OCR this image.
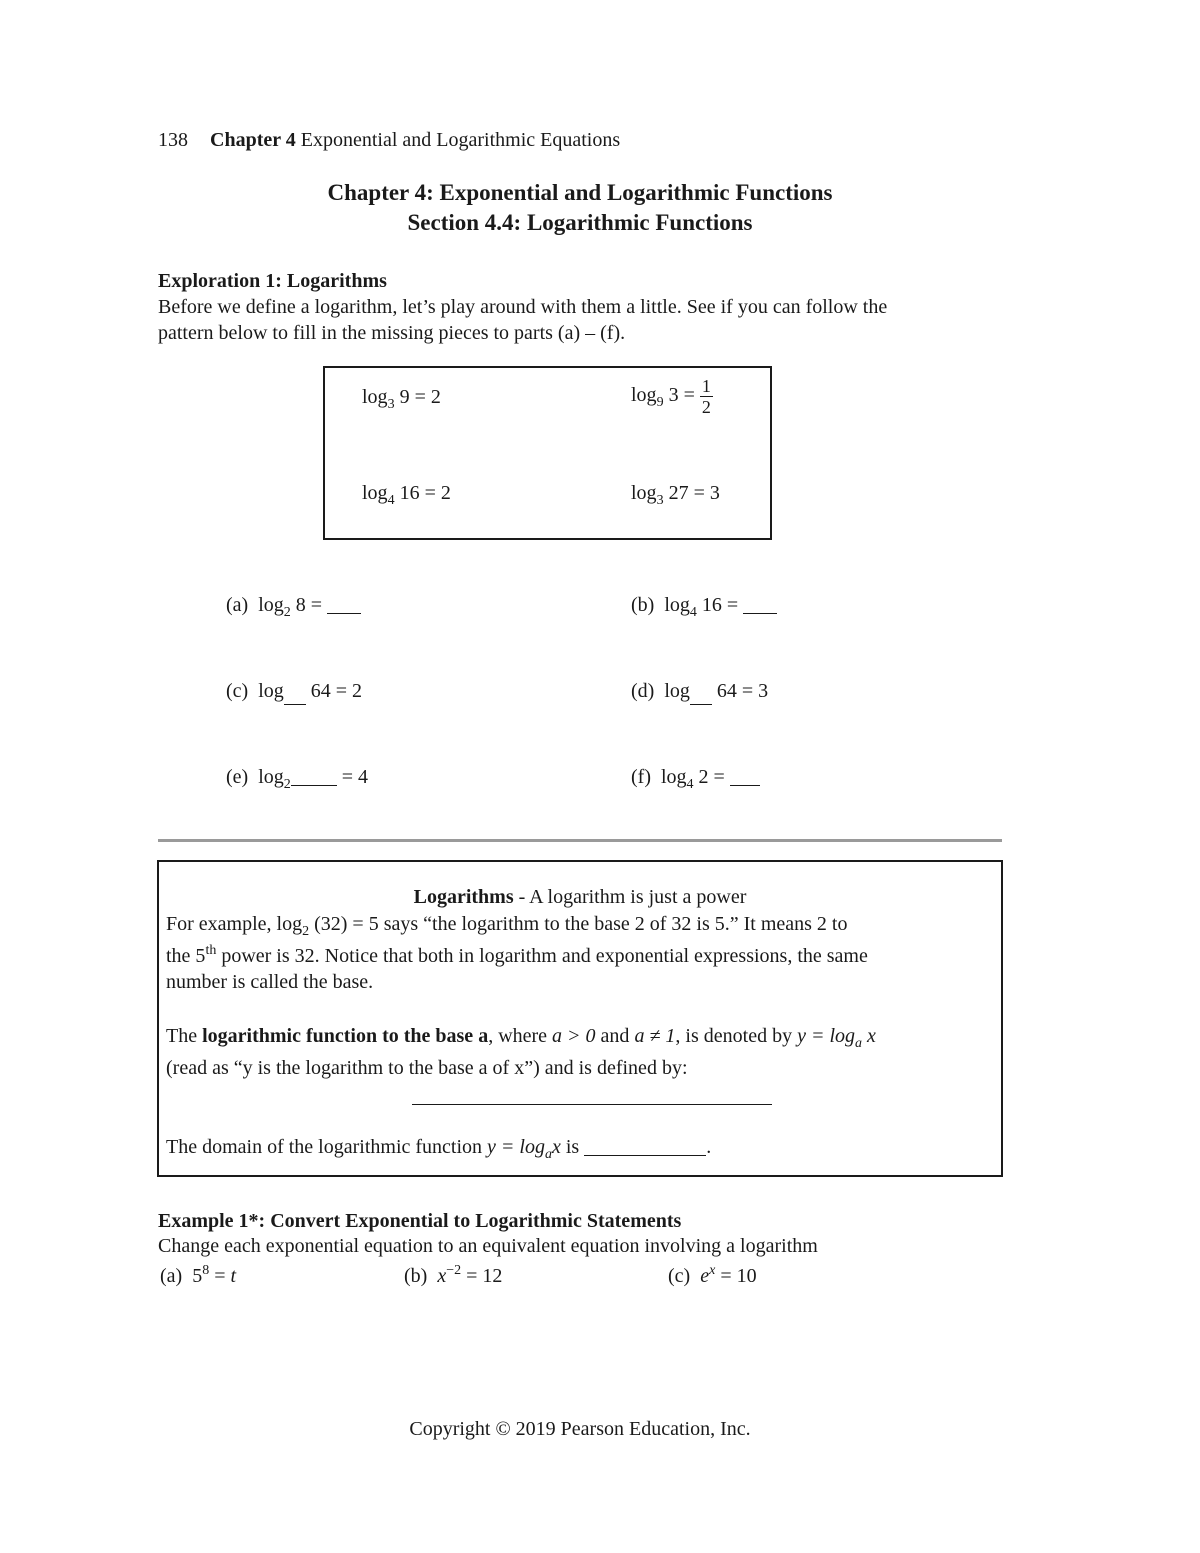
138 Chapter 4 Exponential and Logarithmic Equations
Chapter 4: Exponential and Logarithmic Functions
Section 4.4: Logarithmic Functions
Exploration 1: Logarithms
Before we define a logarithm, let’s play around with them a little. See if you can follow the
pattern below to fill in the missing pieces to parts (a) – (f).
$\log_3 9 = 2$	$\log_9 3 = \frac{1}{2}$
$\log_4 16 = 2$	$\log_3 27 = 3$
(a)  $\log_2 8$ =	(b)  $\log_4 16$ =
(c)  log 64 = 2	(d)  log 64 = 3
(e)  $\log_2 = 4$	(f)  $\log_4 2$ =
Logarithms - A logarithm is just a power
For example, $\log_2 (32) = 5$ says “the logarithm to the base 2 of 32 is 5.” It means 2 to
the 5th power is 32. Notice that both in logarithm and exponential expressions, the same
number is called the base.
The logarithmic function to the base a, where a > 0 and a ≠ 1, is denoted by $y = \log_a x$
(read as “y is the logarithm to the base a of x”) and is defined by:
The domain of the logarithmic function $y = \log_ax$ is	.
Example 1*: Convert Exponential to Logarithmic Statements
Change each exponential equation to an equivalent equation involving a logarithm
(a) $5^8 = t$	(b) $x^{-2} = 12$	(c) $e^x = 10$
Copyright © 2019 Pearson Education, Inc.
